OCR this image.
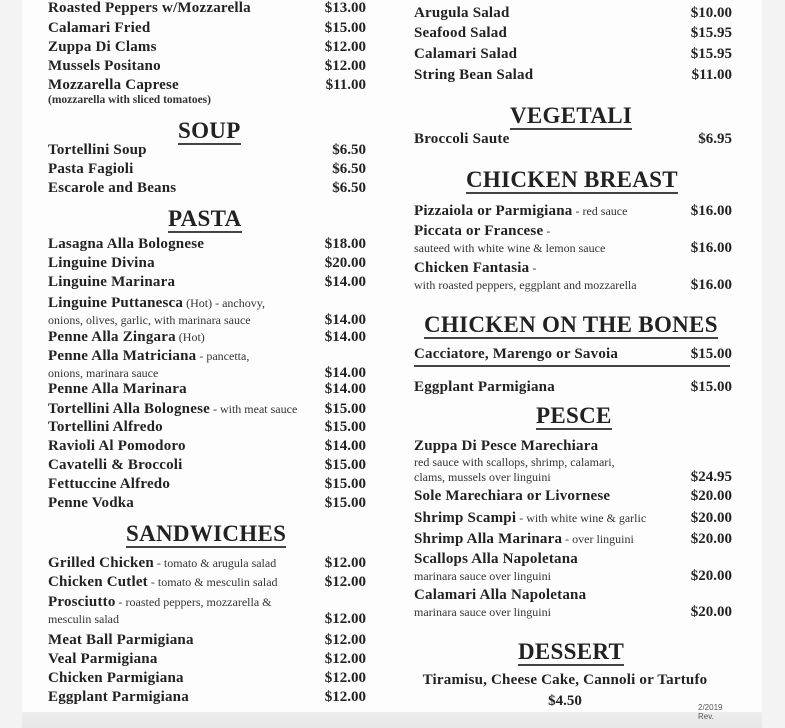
Roasted Peppers w/Mozzarella	$13.00
Calamari Fried	$15.00
Zuppa Di Clams	$12.00
Mussels Positano	$12.00
Mozzarella Caprese	$11.00
(mozzarella with sliced tomatoes)
SOUP
Tortellini Soup	$6.50
Pasta Fagioli	$6.50
Escarole and Beans	$6.50
PASTA
Lasagna Alla Bolognese	$18.00
Linguine Divina	$20.00
Linguine Marinara	$14.00
Linguine Puttanesca (Hot) - anchovy,
onions, olives, garlic, with marinara sauce	$14.00
Penne Alla Zingara (Hot)	$14.00
Penne Alla Matriciana - pancetta,
onions, marinara sauce	$14.00
Penne Alla Marinara	$14.00
Tortellini Alla Bolognese - with meat sauce $15.00
Tortellini Alfredo	$15.00
Ravioli Al Pomodoro	$14.00
Cavatelli & Broccoli	$15.00
Fettuccine Alfredo	$15.00
Penne Vodka	$15.00
SANDWICHES
Grilled Chicken - tomato & arugula salad	$12.00
Chicken Cutlet - tomato & mesculin salad	$12.00
Prosciutto - roasted peppers, mozzarella &
mesculin salad	$12.00
Meat Ball Parmigiana	$12.00
Veal Parmigiana	$12.00
Chicken Parmigiana	$12.00
Eggplant Parmigiana	$12.00
Arugula Salad	$10.00
Seafood Salad	$15.95
Calamari Salad	$15.95
String Bean Salad	$11.00
VEGETALI
Broccoli Saute	$6.95
CHICKEN BREAST
Pizzaiola or Parmigiana - red sauce	$16.00
Piccata or Francese -
sauteed with white wine & lemon sauce	$16.00
Chicken Fantasia -
with roasted peppers, eggplant and mozzarella	$16.00
CHICKEN ON THE BONES
Cacciatore, Marengo or Savoia	$15.00
Eggplant Parmigiana	$15.00
PESCE
Zuppa Di Pesce Marechiara
red sauce with scallops, shrimp, calamari,
clams, mussels over linguini	$24.95
Sole Marechiara or Livornese	$20.00
Shrimp Scampi - with white wine & garlic	$20.00
Shrimp Alla Marinara - over linguini	$20.00
Scallops Alla Napoletana
marinara sauce over linguini	$20.00
Calamari Alla Napoletana
marinara sauce over linguini	$20.00
DESSERT
Tiramisu, Cheese Cake, Cannoli or Tartufo
$4.50	2/2019 Rev.
